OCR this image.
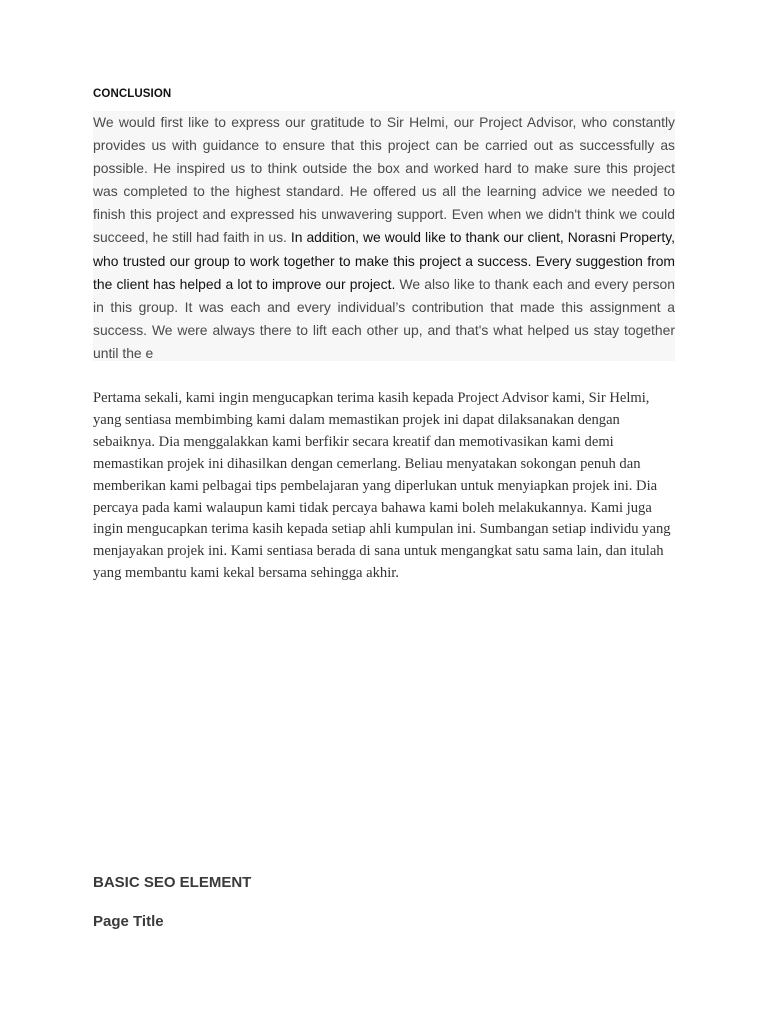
CONCLUSION

We would first like to express our gratitude to Sir Helmi, our Project Advisor, who constantly provides us with guidance to ensure that this project can be carried out as successfully as possible. He inspired us to think outside the box and worked hard to make sure this project was completed to the highest standard. He offered us all the learning advice we needed to finish this project and expressed his unwavering support. Even when we didn't think we could succeed, he still had faith in us. In addition, we would like to thank our client, Norasni Property, who trusted our group to work together to make this project a success. Every suggestion from the client has helped a lot to improve our project. We also like to thank each and every person in this group. It was each and every individual’s contribution that made this assignment a success. We were always there to lift each other up, and that's what helped us stay together until the e

Pertama sekali, kami ingin mengucapkan terima kasih kepada Project Advisor kami, Sir Helmi, yang sentiasa membimbing kami dalam memastikan projek ini dapat dilaksanakan dengan sebaiknya. Dia menggalakkan kami berfikir secara kreatif dan memotivasikan kami demi memastikan projek ini dihasilkan dengan cemerlang. Beliau menyatakan sokongan penuh dan memberikan kami pelbagai tips pembelajaran yang diperlukan untuk menyiapkan projek ini. Dia percaya pada kami walaupun kami tidak percaya bahawa kami boleh melakukannya. Kami juga ingin mengucapkan terima kasih kepada setiap ahli kumpulan ini. Sumbangan setiap individu yang menjayakan projek ini. Kami sentiasa berada di sana untuk mengangkat satu sama lain, dan itulah yang membantu kami kekal bersama sehingga akhir.

BASIC SEO ELEMENT
Page Title
